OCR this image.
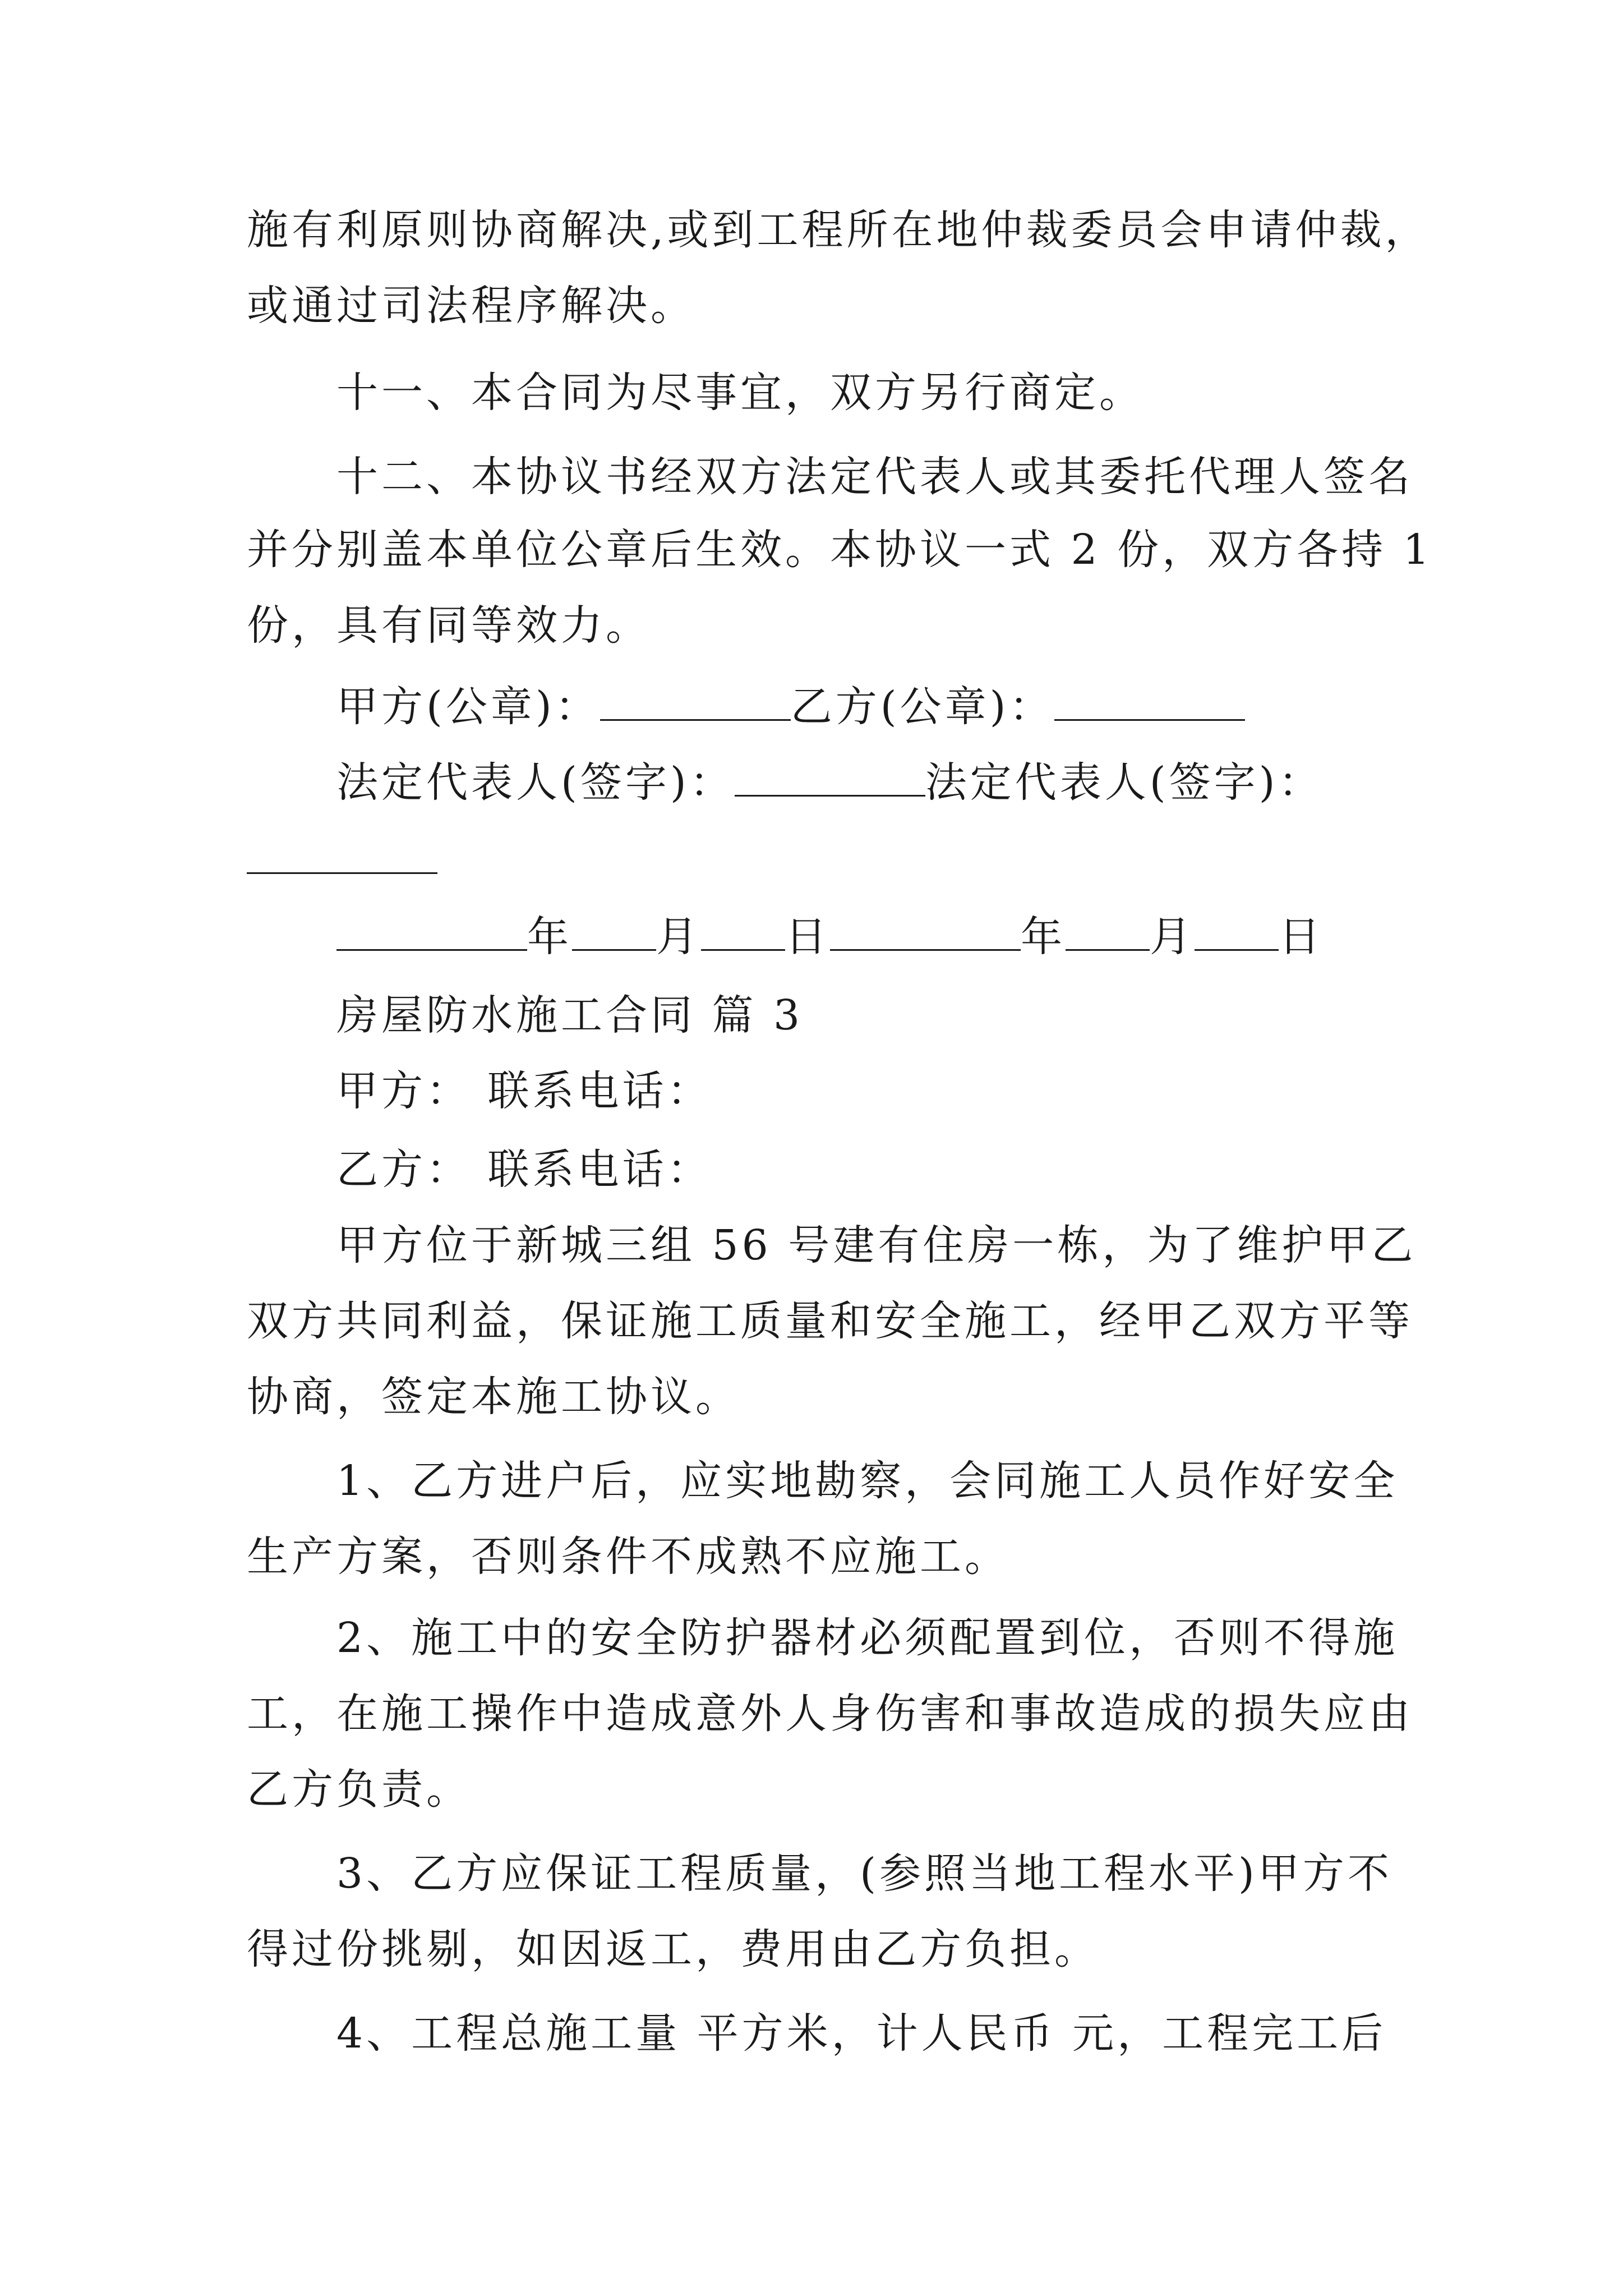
施有利原则协商解决,或到工程所在地仲裁委员会申请仲裁，
或通过司法程序解决。
十一、本合同为尽事宜，双方另行商定。
十二、本协议书经双方法定代表人或其委托代理人签名
并分别盖本单位公章后生效。本协议一式 2 份，双方各持 1
份，具有同等效力。
甲方(公章)：	乙方(公章)：
法定代表人(签字)：	法定代表人(签字)：
年 月 日	年 月 日
房屋防水施工合同 篇 3
甲方： 联系电话：
乙方： 联系电话：
甲方位于新城三组 56 号建有住房一栋，为了维护甲乙
双方共同利益，保证施工质量和安全施工，经甲乙双方平等
协商，签定本施工协议。
1、乙方进户后，应实地勘察，会同施工人员作好安全
生产方案，否则条件不成熟不应施工。
2、施工中的安全防护器材必须配置到位，否则不得施
工，在施工操作中造成意外人身伤害和事故造成的损失应由
乙方负责。
3、乙方应保证工程质量，(参照当地工程水平)甲方不
得过份挑剔，如因返工，费用由乙方负担。
4、工程总施工量 平方米，计人民币 元，工程完工后
